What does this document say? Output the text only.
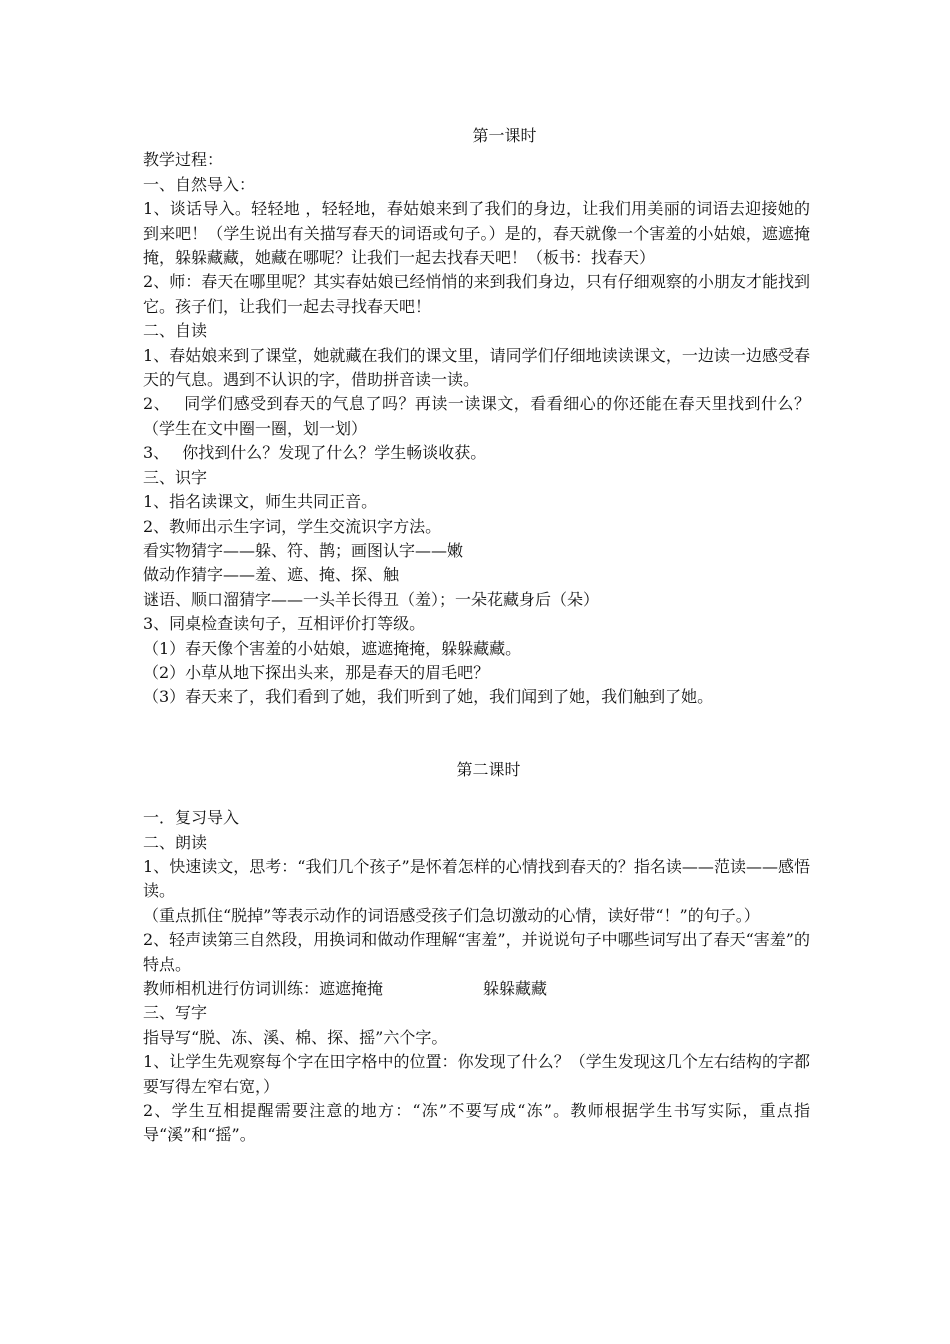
第一课时

教学过程：

一、自然导入：

1、谈话导入。轻轻地 ，轻轻地，春姑娘来到了我们的身边，让我们用美丽的词语去迎接她的到来吧！（学生说出有关描写春天的词语或句子。）是的，春天就像一个害羞的小姑娘，遮遮掩掩，躲躲藏藏，她藏在哪呢？让我们一起去找春天吧！（板书：找春天）

2、师：春天在哪里呢？其实春姑娘已经悄悄的来到我们身边，只有仔细观察的小朋友才能找到它。孩子们，让我们一起去寻找春天吧！

二、自读

1、春姑娘来到了课堂，她就藏在我们的课文里，请同学们仔细地读读课文，一边读一边感受春天的气息。遇到不认识的字，借助拼音读一读。

2、　 同学们感受到春天的气息了吗？再读一读课文，看看细心的你还能在春天里找到什么？（学生在文中圈一圈，划一划）

3、　 你找到什么？发现了什么？学生畅谈收获。

三、识字

1、指名读课文，师生共同正音。

2、教师出示生字词，学生交流识字方法。

看实物猜字——躲、符、鹊；画图认字——嫩

做动作猜字——羞、遮、掩、探、触

谜语、顺口溜猜字——一头羊长得丑（羞）；一朵花藏身后（朵）

3、同桌检查读句子，互相评价打等级。

（1）春天像个害羞的小姑娘，遮遮掩掩，躲躲藏藏。

（2）小草从地下探出头来，那是春天的眉毛吧？

（3）春天来了，我们看到了她，我们听到了她，我们闻到了她，我们触到了她。

第二课时

一．复习导入

二、朗读

1、快速读文，思考：“我们几个孩子”是怀着怎样的心情找到春天的？指名读——范读——感悟读。

（重点抓住“脱掉”等表示动作的词语感受孩子们急切激动的心情，读好带“！”的句子。）

2、轻声读第三自然段，用换词和做动作理解“害羞”，并说说句子中哪些词写出了春天“害羞”的特点。

教师相机进行仿词训练：遮遮掩掩	躲躲藏藏

三、写字

指导写“脱、冻、溪、棉、探、摇”六个字。

1、让学生先观察每个字在田字格中的位置：你发现了什么？（学生发现这几个左右结构的字都要写得左窄右宽，）

2、学生互相提醒需要注意的地方：“冻”不要写成“冻”。教师根据学生书写实际，重点指导“溪”和“摇”。
